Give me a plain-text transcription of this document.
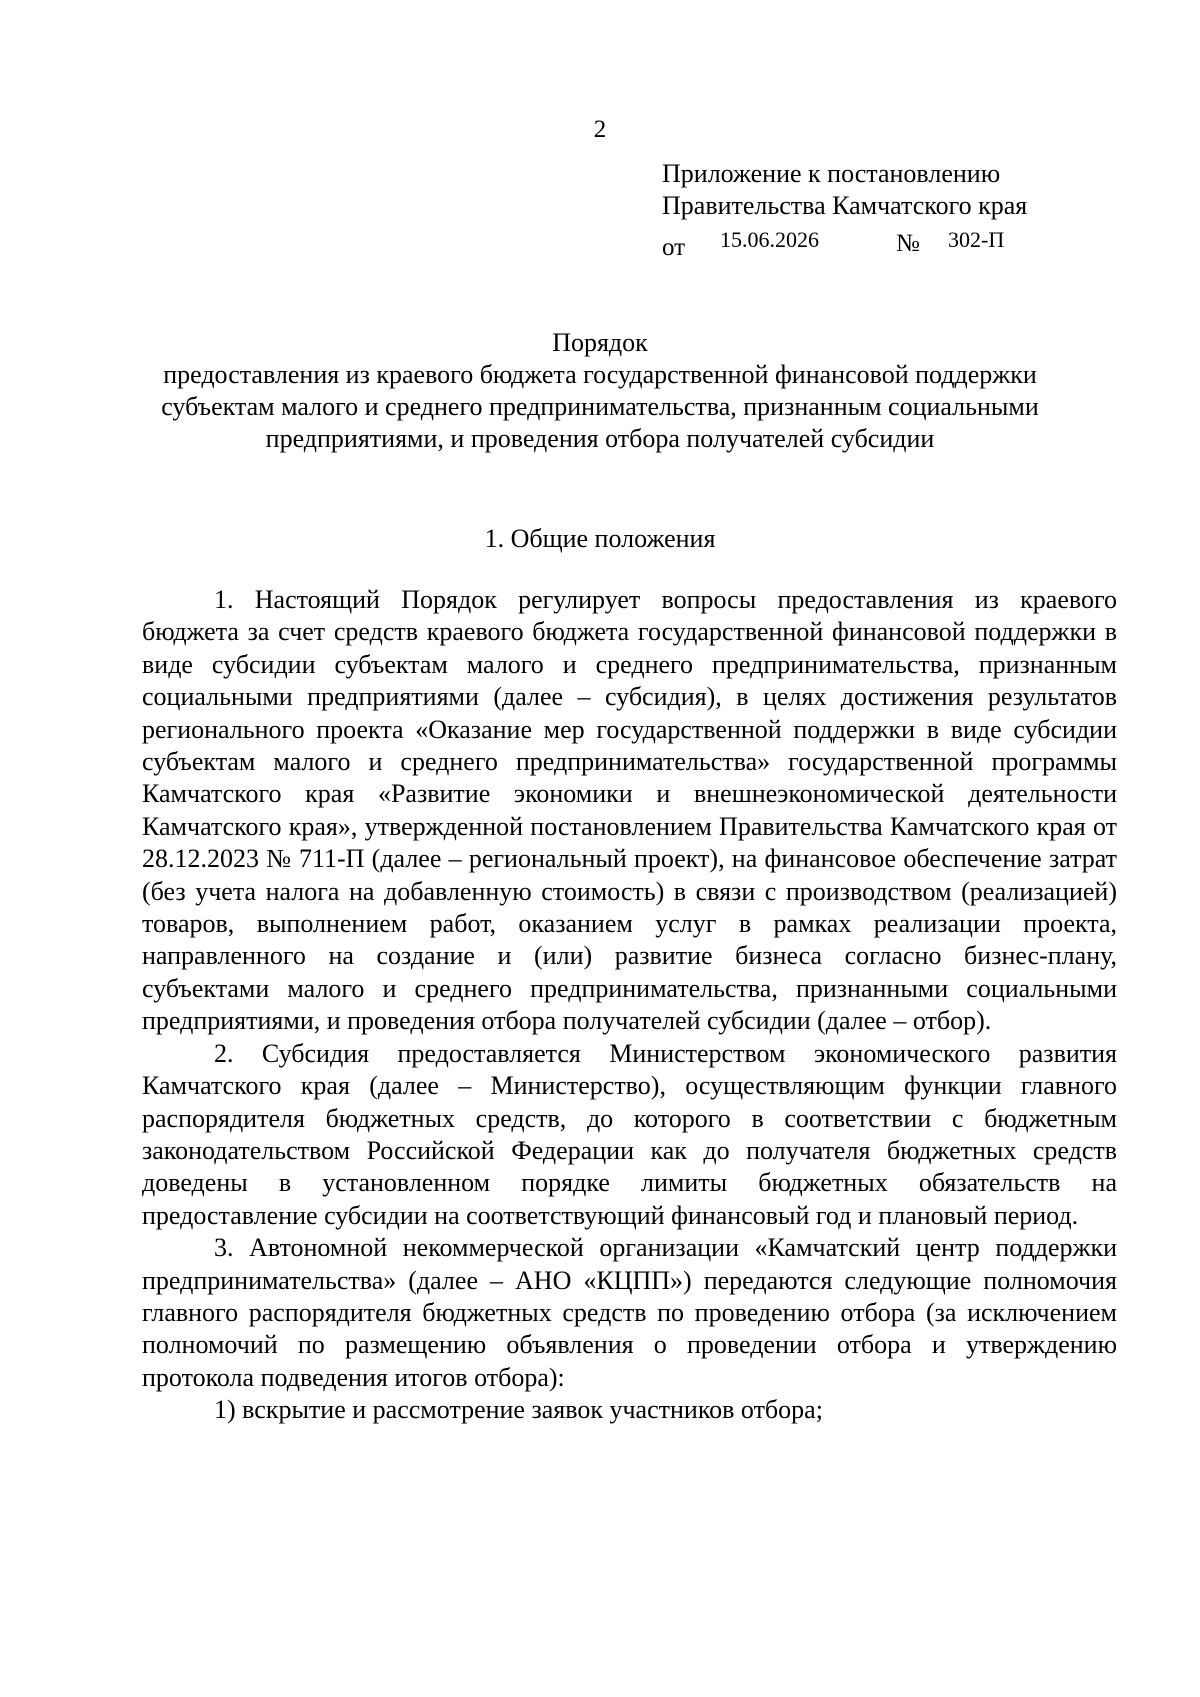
2
Приложение к постановлению
Правительства Камчатского края
от 15.06.2026	№ 302-П
Порядок
предоставления из краевого бюджета государственной финансовой поддержки
субъектам малого и среднего предпринимательства, признанным социальными
предприятиями, и проведения отбора получателей субсидии
1. Общие положения

1. Настоящий Порядок регулирует вопросы предоставления из краевого бюджета за счет средств краевого бюджета государственной финансовой поддержки в виде субсидии субъектам малого и среднего предпринимательства, признанным социальными предприятиями (далее – субсидия), в целях достижения результатов регионального проекта «Оказание мер государственной поддержки в виде субсидии субъектам малого и среднего предпринимательства» государственной программы Камчатского края «Развитие экономики и внешнеэкономической деятельности Камчатского края», утвержденной постановлением Правительства Камчатского края от 28.12.2023 № 711-П (далее – региональный проект), на финансовое обеспечение затрат (без учета налога на добавленную стоимость) в связи с производством (реализацией) товаров, выполнением работ, оказанием услуг в рамках реализации проекта, направленного на создание и (или) развитие бизнеса согласно бизнес-плану, субъектами малого и среднего предпринимательства, признанными социальными предприятиями, и проведения отбора получателей субсидии (далее – отбор).

2. Субсидия предоставляется Министерством экономического развития Камчатского края (далее – Министерство), осуществляющим функции главного распорядителя бюджетных средств, до которого в соответствии с бюджетным законодательством Российской Федерации как до получателя бюджетных средств доведены в установленном порядке лимиты бюджетных обязательств на предоставление субсидии на соответствующий финансовый год и плановый период.

3. Автономной некоммерческой организации «Камчатский центр поддержки предпринимательства» (далее – АНО «КЦПП») передаются следующие полномочия главного распорядителя бюджетных средств по проведению отбора (за исключением полномочий по размещению объявления о проведении отбора и утверждению протокола подведения итогов отбора):

1) вскрытие и рассмотрение заявок участников отбора;
